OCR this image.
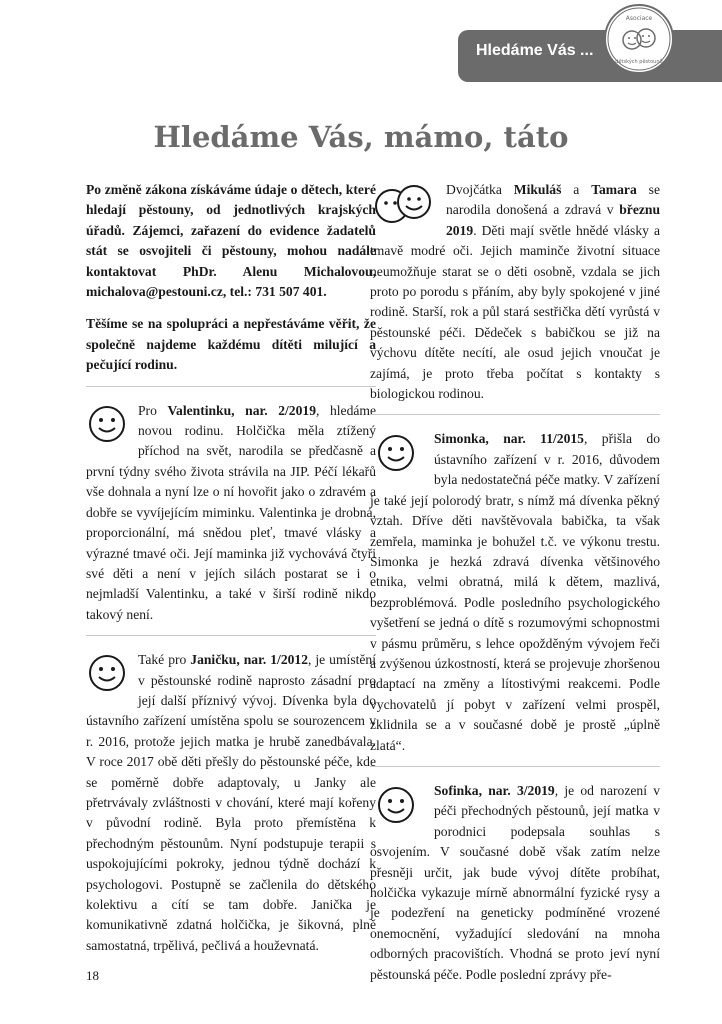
Hledáme Vás ...
Asociace
dětských pěstounů
Hledáme Vás, mámo, táto

Po změně zákona získáváme údaje o dětech, které hledají pěstouny, od jednotlivých krajských úřadů. Zájemci, zařazení do evidence žadatelů stát se osvojiteli či pěstouny, mohou nadále kontaktovat PhDr. Alenu Michalovou, michalova@pestouni.cz, tel.: 731 507 401.

Těšíme se na spolupráci a nepřestáváme věřit, že společně najdeme každému dítěti milující a pečující rodinu.

Pro Valentinku, nar. 2/2019, hledáme novou rodinu. Holčička měla ztížený příchod na svět, narodila se předčasně a první týdny svého života strávila na JIP. Péčí lékařů vše dohnala a nyní lze o ní hovořit jako o zdravém a dobře se vyvíjejícím miminku. Valentinka je drobná, proporcionální, má snědou pleť, tmavé vlásky a výrazné tmavé oči. Její maminka již vychovává čtyři své děti a není v jejích silách postarat se i o nejmladší Valentinku, a také v širší rodině nikdo takový není.

Také pro Janičku, nar. 1/2012, je umístění v pěstounské rodině naprosto zásadní pro její další příznivý vývoj. Dívenka byla do ústavního zařízení umístěna spolu se sourozencem v r. 2016, protože jejich matka je hrubě zanedbávala. V roce 2017 obě děti přešly do pěstounské péče, kde se poměrně dobře adaptovaly, u Janky ale přetrvávaly zvláštnosti v chování, které mají kořeny v původní rodině. Byla proto přemístěna k přechodným pěstounům. Nyní podstupuje terapii s uspokojujícími pokroky, jednou týdně dochází k psychologovi. Postupně se začlenila do dětského kolektivu a cítí se tam dobře. Janička je komunikativně zdatná holčička, je šikovná, plně samostatná, trpělivá, pečlivá a houževnatá.

Dvojčátka Mikuláš a Tamara se narodila donošená a zdravá v březnu 2019. Děti mají světle hnědé vlásky a tmavě modré oči. Jejich maminče životní situace neumožňuje starat se o děti osobně, vzdala se jich proto po porodu s přáním, aby byly spokojené v jiné rodině. Starší, rok a půl stará sestřička dětí vyrůstá v pěstounské péči. Dědeček s babičkou se již na výchovu dítěte necítí, ale osud jejich vnoučat je zajímá, je proto třeba počítat s kontakty s biologickou rodinou.

Simonka, nar. 11/2015, přišla do ústavního zařízení v r. 2016, důvodem byla nedostatečná péče matky. V zařízení je také její polorodý bratr, s nímž má dívenka pěkný vztah. Dříve děti navštěvovala babička, ta však zemřela, maminka je bohužel t.č. ve výkonu trestu. Simonka je hezká zdravá dívenka většinového etnika, velmi obratná, milá k dětem, mazlivá, bezproblémová. Podle posledního psychologického vyšetření se jedná o dítě s rozumovými schopnostmi v pásmu průměru, s lehce opožděným vývojem řeči a zvýšenou úzkostností, která se projevuje zhoršenou adaptací na změny a lítostivými reakcemi. Podle vychovatelů jí pobyt v zařízení velmi prospěl, zklidnila se a v současné době je prostě „úplně zlatá“.

Sofinka, nar. 3/2019, je od narození v péči přechodných pěstounů, její matka v porodnici podepsala souhlas s osvojením. V současné době však zatím nelze přesněji určit, jak bude vývoj dítěte probíhat, holčička vykazuje mírně abnormální fyzické rysy a je podezření na geneticky podmíněné vrozené onemocnění, vyžadující sledování na mnoha odborných pracovištích. Vhodná se proto jeví nyní pěstounská péče. Podle poslední zprávy pře-

18
